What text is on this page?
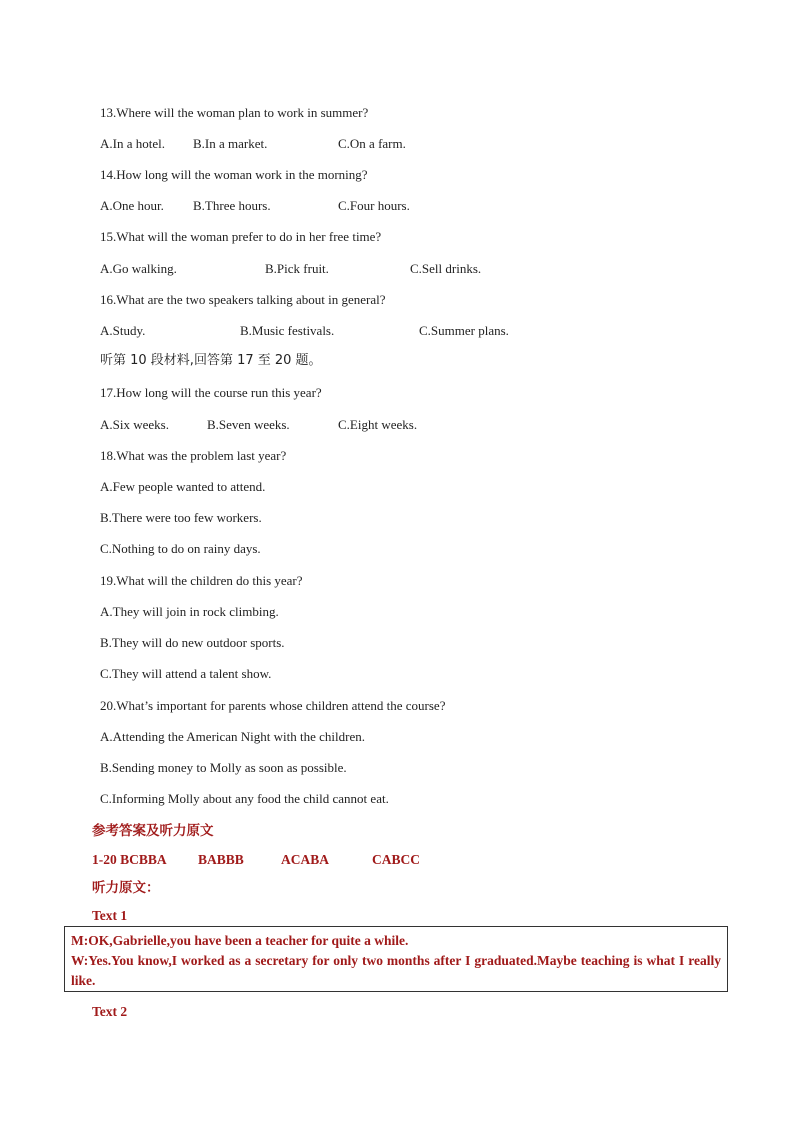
13.Where will the woman plan to work in summer?
A.In a hotel. B.In a market.	C.On a farm.
14.How long will the woman work in the morning?
A.One hour. B.Three hours.	C.Four hours.
15.What will the woman prefer to do in her free time?
A.Go walking.	B.Pick fruit.	C.Sell drinks.
16.What are the two speakers talking about in general?
A.Study.	B.Music festivals.	C.Summer plans.
听第 10 段材料,回答第 17 至 20 题。
17.How long will the course run this year?
A.Six weeks.	B.Seven weeks.	C.Eight weeks.
18.What was the problem last year?
A.Few people wanted to attend.
B.There were too few workers.
C.Nothing to do on rainy days.
19.What will the children do this year?
A.They will join in rock climbing.
B.They will do new outdoor sports.
C.They will attend a talent show.
20.What’s important for parents whose children attend the course?
A.Attending the American Night with the children.
B.Sending money to Molly as soon as possible.
C.Informing Molly about any food the child cannot eat.
参考答案及听力原文
1-20 BCBBA BABBB	ACABA	CABCC
听力原文：
Text 1
M:OK,Gabrielle,you have been a teacher for quite a while.
W:Yes.You know,I worked as a secretary for only two months after I graduated.Maybe teaching is what I really like.
Text 2
